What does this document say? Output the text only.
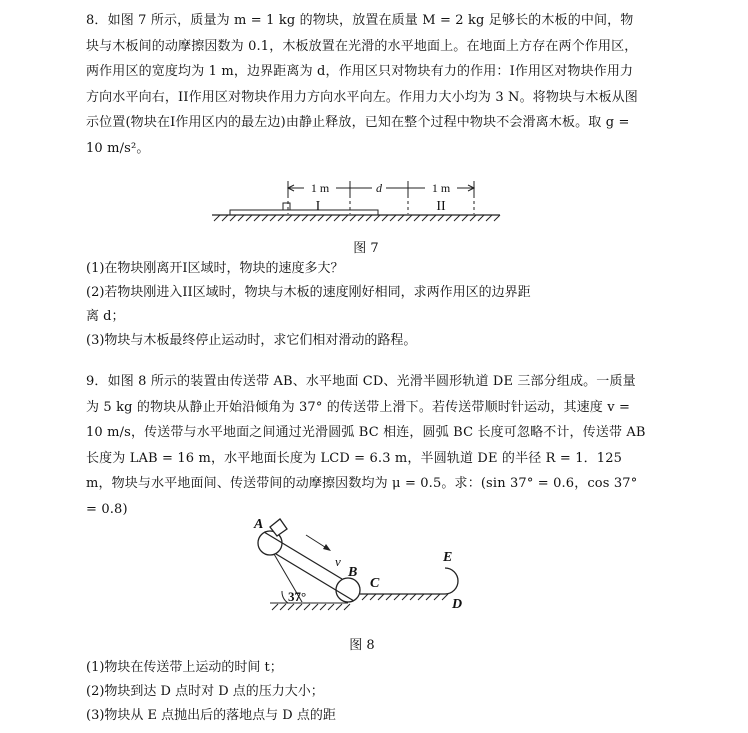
8．如图 7 所示，质量为 m = 1 kg 的物块，放置在质量 M = 2 kg 足够长的木板的中间，物块与木板间的动摩擦因数为 0.1，木板放置在光滑的水平地面上。在地面上方存在两个作用区，两作用区的宽度均为 1 m，边界距离为 d，作用区只对物块有力的作用：I作用区对物块作用力方向水平向右，II作用区对物块作用力方向水平向左。作用力大小均为 3 N。将物块与木板从图示位置(物块在I作用区内的最左边)由静止释放，已知在整个过程中物块不会滑离木板。取 g = 10 m/s²。
1 m	d	1 m
I	II
图 7
(1)在物块刚离开I区域时，物块的速度多大？
(2)若物块刚进入II区域时，物块与木板的速度刚好相同，求两作用区的边界距
离 d；
(3)物块与木板最终停止运动时，求它们相对滑动的路程。
9．如图 8 所示的装置由传送带 AB、水平地面 CD、光滑半圆形轨道 DE 三部分组成。一质量为 5 kg 的物块从静止开始沿倾角为 37° 的传送带上滑下。若传送带顺时针运动，其速度 v = 10 m/s，传送带与水平地面之间通过光滑圆弧 BC 相连，圆弧 BC 长度可忽略不计，传送带 AB 长度为 LAB = 16 m，水平地面长度为 LCD = 6.3 m，半圆轨道 DE 的半径 R = 1．125 m，物块与水平地面间、传送带间的动摩擦因数均为 μ = 0.5。求：(sin 37° = 0.6，cos 37° = 0.8)
A
B
C
D
E
v
37°
图 8
(1)物块在传送带上运动的时间 t；
(2)物块到达 D 点时对 D 点的压力大小；
(3)物块从 E 点抛出后的落地点与 D 点的距
